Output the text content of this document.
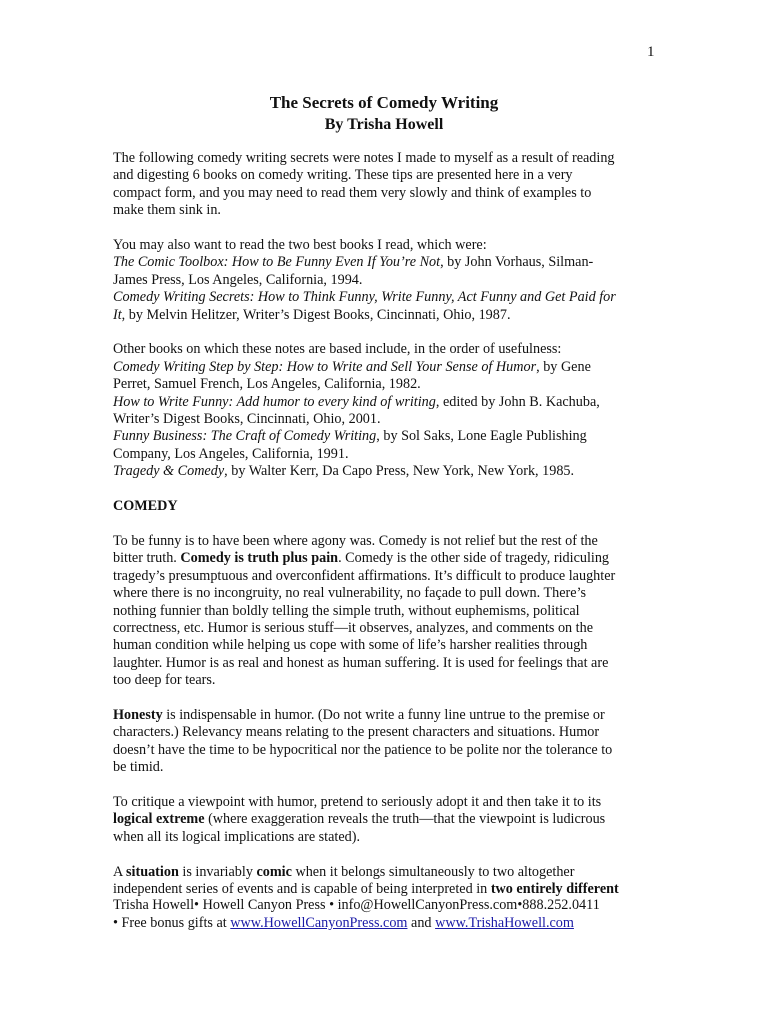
1
The Secrets of Comedy Writing
By Trisha Howell
The following comedy writing secrets were notes I made to myself as a result of reading
and digesting 6 books on comedy writing. These tips are presented here in a very
compact form, and you may need to read them very slowly and think of examples to
make them sink in.
You may also want to read the two best books I read, which were:
The Comic Toolbox: How to Be Funny Even If You’re Not, by John Vorhaus, Silman-
James Press, Los Angeles, California, 1994.
Comedy Writing Secrets: How to Think Funny, Write Funny, Act Funny and Get Paid for
It, by Melvin Helitzer, Writer’s Digest Books, Cincinnati, Ohio, 1987.
Other books on which these notes are based include, in the order of usefulness:
Comedy Writing Step by Step: How to Write and Sell Your Sense of Humor, by Gene
Perret, Samuel French, Los Angeles, California, 1982.
How to Write Funny: Add humor to every kind of writing, edited by John B. Kachuba,
Writer’s Digest Books, Cincinnati, Ohio, 2001.
Funny Business: The Craft of Comedy Writing, by Sol Saks, Lone Eagle Publishing
Company, Los Angeles, California, 1991.
Tragedy & Comedy, by Walter Kerr, Da Capo Press, New York, New York, 1985.
COMEDY
To be funny is to have been where agony was. Comedy is not relief but the rest of the
bitter truth. Comedy is truth plus pain. Comedy is the other side of tragedy, ridiculing
tragedy’s presumptuous and overconfident affirmations. It’s difficult to produce laughter
where there is no incongruity, no real vulnerability, no façade to pull down. There’s
nothing funnier than boldly telling the simple truth, without euphemisms, political
correctness, etc. Humor is serious stuff—it observes, analyzes, and comments on the
human condition while helping us cope with some of life’s harsher realities through
laughter. Humor is as real and honest as human suffering. It is used for feelings that are
too deep for tears.
Honesty is indispensable in humor. (Do not write a funny line untrue to the premise or
characters.) Relevancy means relating to the present characters and situations. Humor
doesn’t have the time to be hypocritical nor the patience to be polite nor the tolerance to
be timid.
To critique a viewpoint with humor, pretend to seriously adopt it and then take it to its
logical extreme (where exaggeration reveals the truth—that the viewpoint is ludicrous
when all its logical implications are stated).
A situation is invariably comic when it belongs simultaneously to two altogether
independent series of events and is capable of being interpreted in two entirely different
Trisha Howell• Howell Canyon Press • info@HowellCanyonPress.com•888.252.0411
• Free bonus gifts at www.HowellCanyonPress.com and www.TrishaHowell.com
